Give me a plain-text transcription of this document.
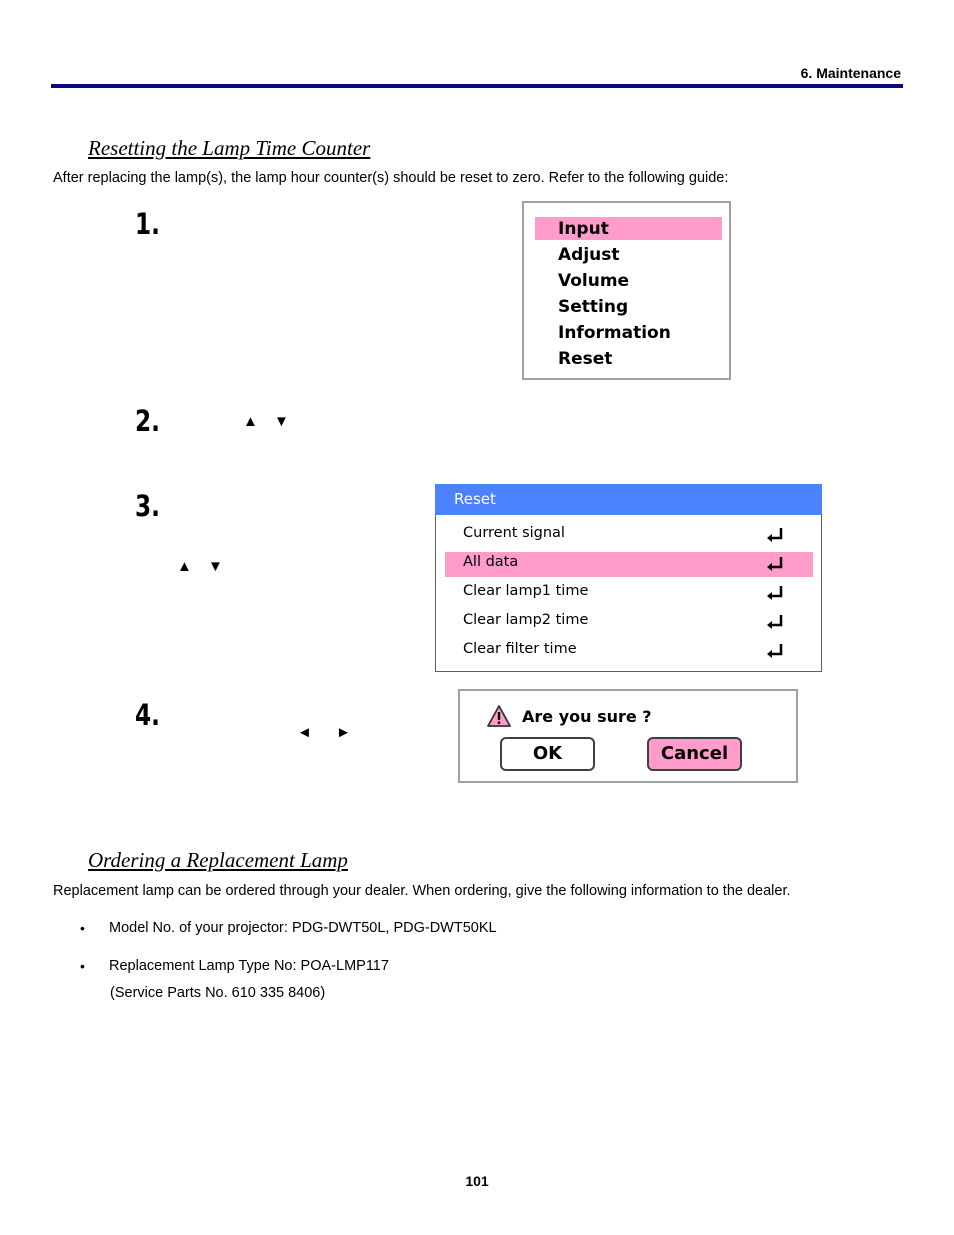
6. Maintenance
Resetting the Lamp Time Counter
After replacing the lamp(s), the lamp hour counter(s) should be reset to zero. Refer to the following guide:
1.	Input
Adjust
Volume
Setting
Information
Reset
2.	▲ ▼
3.
▲ ▼
Reset
Current signal
All data
Clear lamp1 time
Clear lamp2 time
Clear filter time
4.
◄ ►
Are you sure ?
OK	Cancel
Ordering a Replacement Lamp
Replacement lamp can be ordered through your dealer. When ordering, give the following information to the dealer.
• Model No. of your projector: PDG-DWT50L, PDG-DWT50KL
• Replacement Lamp Type No: POA-LMP117
(Service Parts No. 610 335 8406)
101
